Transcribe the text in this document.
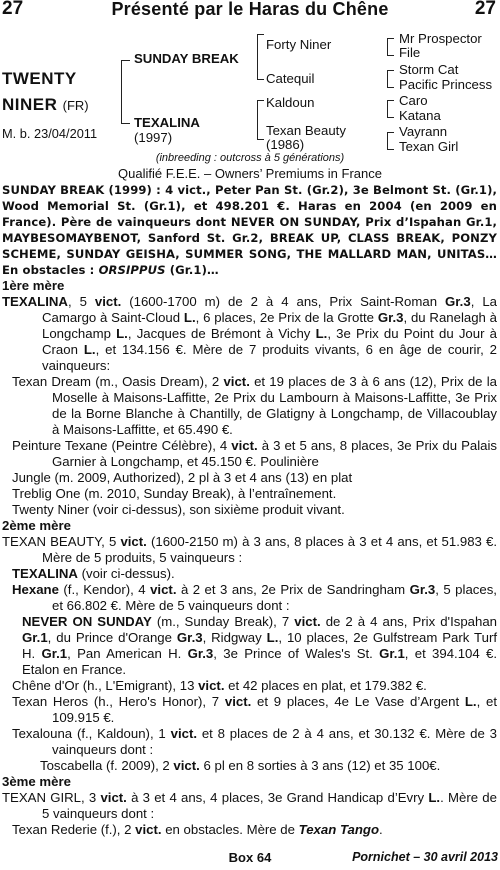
27	Présenté par le Haras du Chêne	27
TWENTY
NINER (FR)
M. b. 23/04/2011
SUNDAY BREAK
TEXALINA
(1997)
Forty Niner
Catequil
Kaldoun
Texan Beauty
(1986)
Mr Prospector
File
Storm Cat
Pacific Princess
Caro
Katana
Vayrann
Texan Girl
(inbreeding : outcross à 5 générations)
Qualifié F.E.E. – Owners’ Premiums in France
SUNDAY BREAK (1999) : 4 vict., Peter Pan St. (Gr.2), 3e Belmont St. (Gr.1), Wood Memorial St. (Gr.1), et 498.201 €. Haras en 2004 (en 2009 en France). Père de vainqueurs dont NEVER ON SUNDAY, Prix d’Ispahan Gr.1, MAYBESOMAYBENOT, Sanford St. Gr.2, BREAK UP, CLASS BREAK, PONZY SCHEME, SUNDAY GEISHA, SUMMER SONG, THE MALLARD MAN, UNITAS… En obstacles : ORSIPPUS (Gr.1)…
1ère mère
TEXALINA, 5 vict. (1600-1700 m) de 2 à 4 ans, Prix Saint-Roman Gr.3, La Camargo à Saint-Cloud L., 6 places, 2e Prix de la Grotte Gr.3, du Ranelagh à Longchamp L., Jacques de Brémont à Vichy L., 3e Prix du Point du Jour à Craon L., et 134.156 €. Mère de 7 produits vivants, 6 en âge de courir, 2 vainqueurs:
Texan Dream (m., Oasis Dream), 2 vict. et 19 places de 3 à 6 ans (12), Prix de la Moselle à Maisons-Laffitte, 2e Prix du Lambourn à Maisons-Laffitte, 3e Prix de la Borne Blanche à Chantilly, de Glatigny à Longchamp, de Villacoublay à Maisons-Laffitte, et 65.490 €.
Peinture Texane (Peintre Célèbre), 4 vict. à 3 et 5 ans, 8 places, 3e Prix du Palais Garnier à Longchamp, et 45.150 €. Poulinière
Jungle (m. 2009, Authorized), 2 pl à 3 et 4 ans (13) en plat
Treblig One (m. 2010, Sunday Break), à l’entraînement.
Twenty Niner (voir ci-dessus), son sixième produit vivant.
2ème mère
TEXAN BEAUTY, 5 vict. (1600-2150 m) à 3 ans, 8 places à 3 et 4 ans, et 51.983 €. Mère de 5 produits, 5 vainqueurs :
TEXALINA (voir ci-dessus).
Hexane (f., Kendor), 4 vict. à 2 et 3 ans, 2e Prix de Sandringham Gr.3, 5 places, et 66.802 €. Mère de 5 vainqueurs dont :
NEVER ON SUNDAY (m., Sunday Break), 7 vict. de 2 à 4 ans, Prix d'Ispahan Gr.1, du Prince d'Orange Gr.3, Ridgway L., 10 places, 2e Gulfstream Park Turf H. Gr.1, Pan American H. Gr.3, 3e Prince of Wales's St. Gr.1, et 394.104 €. Etalon en France.
Chêne d'Or (h., L'Emigrant), 13 vict. et 42 places en plat, et 179.382 €.
Texan Heros (h., Hero's Honor), 7 vict. et 9 places, 4e Le Vase d’Argent L., et 109.915 €.
Texalouna (f., Kaldoun), 1 vict. et 8 places de 2 à 4 ans, et 30.132 €. Mère de 3 vainqueurs dont :
Toscabella (f. 2009), 2 vict. 6 pl en 8 sorties à 3 ans (12) et 35 100€.
3ème mère
TEXAN GIRL, 3 vict. à 3 et 4 ans, 4 places, 3e Grand Handicap d’Evry L.. Mère de 5 vainqueurs dont :
Texan Rederie (f.), 2 vict. en obstacles. Mère de Texan Tango.
Box 64	Pornichet – 30 avril 2013
